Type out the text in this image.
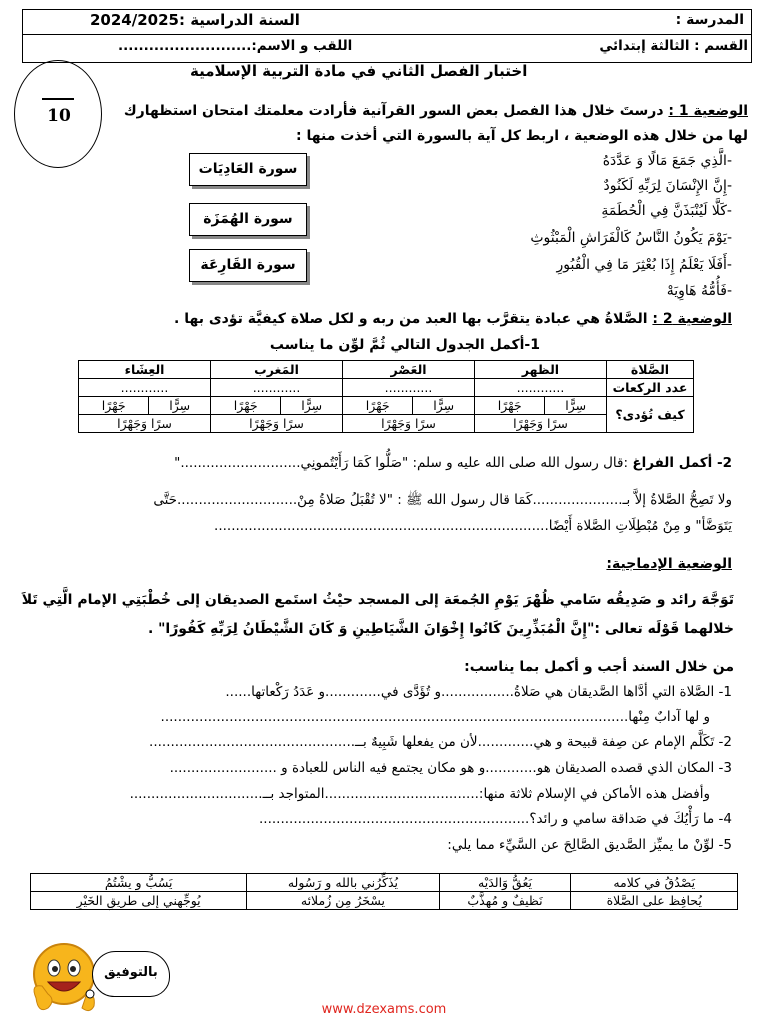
المدرسة :
السنة الدراسية :2024/2025
القسم : الثالثة إبتدائي
اللقب و الاسم:..........................
اختبار الفصل الثاني في مادة التربية الإسلامية
10	الوضعية 1 : درستَ خلال هذا الفصل بعض السور القرآنية فأرادت معلمتك امتحان استظهارك
لها من خلال هذه الوضعية ، اربط كل آية بالسورة التي أخذت منها :
سورة العَادِيَات
سورة الهُمَزَة
سورة القَارِعَة
-الَّذِي جَمَعَ مَالًا وَ عَدَّدَهُ
-إِنَّ الإِنْسَانَ لِرَبِّهِ لَكَنُودٌ
-كَلَّا لَيُنْبَذَنَّ فِي الْحُطَمَةِ
-يَوْمَ يَكُونُ النَّاسُ كَالْفَرَاشِ الْمَبْثُوثِ
-أَفَلَا يَعْلَمُ إِذَا بُعْثِرَ مَا فِي الْقُبُورِ
-فَأُمُّهُ هَاوِيَهْ
الوضعية 2 : الصَّلاةُ هي عبادة يتقرَّب بها العبد من ربه و لكل صلاة كيفيَّة تؤدى بها .
1-أكمل الجدول التالي ثُمَّ لوِّن ما يناسب
الصَّلاة	الظهر		العَصْر		المَغرب		العِشَاء	
عدد الركعات	............		............		............		............	
كيف تُؤدى؟	سِرًّا	جَهْرًا	سِرًّا	جَهْرًا	سِرًّا	جَهْرًا	سِرًّا	جَهْرًا
	سرًا وَجَهْرًا		سرًا وَجَهْرًا		سرًا وَجَهْرًا		سرًا وَجَهْرًا	
2- أكمل الفراغ :قال رسول الله صلى الله عليه و سلم: "صَلُّوا كَمَا رَأَيْتُمونِي............................"
ولا تَصِحُّ الصَّلاةُ إلاَّ بـ.....................كَمَا قال رسول الله ﷺ : "لا تُقْبَلُ صَلاةُ مِنْ............................حَتَّى
يَتَوَضَّأ" و مِنْ مُبْطِلَاتِ الصَّلاة أَيْضًا..............................................................................
الوضعية الإدماجية:
تَوَجَّهَ رائد و صَدِيقُه سَامي ظُهْرَ يَوْمِ الجُمعَة إلى المسجد حيْثُ استَمع الصديقان إلى خُطْبَتِي الإمام الَّتِي تَلاَ
خلالهما قَوْلَه تعالى :"إِنَّ الْمُبَذِّرِينَ كَانُوا إِخْوَانَ الشَّيَاطِينِ وَ كَانَ الشَّيْطَانُ لِرَبِّهِ كَفُورًا" .
من خلال السند أجب و أكمل بما يناسب:
1- الصَّلاة التي أدَّاها الصَّديقان هي صَلاةُ.................و تُؤَدَّى في.............و عَدَدُ رَكْعاتها......
و لها آدابٌ مِنْها.............................................................................................................
2- تَكَلَّم الإمام عن صِفة قبيحة و هي.............لأن من يفعلها شَبِيهٌ بــ................................................
3- المكان الذي قصده الصديقان هو............و هو مكان يجتمع فيه الناس للعبادة و .........................
وأفضل هذه الأماكن في الإسلام ثلاثة منها:....................................المتواجد بــ...............................
4- ما رَأْيُكَ في صَداقة سامي و رائد؟...............................................................
5- لوِّنْ ما يميِّز الصَّديق الصَّالِحَ عن السَّيِّء مما يلي:
يَصْدُقُ في كلامه	يَعُقُّ وَالدَيْه	يُذَكِّرُني بالله و رَسُوله	يَسُبُّ و يشْتُمُ
يُحافِظ على الصَّلاة	نَظيفٌ و مُهذَّبٌ	يسْخَرُ مِن زُملائه	يُوجِّهني إلى طريقِ الخَيْرِ
بالتوفيق
www.dzexams.com
